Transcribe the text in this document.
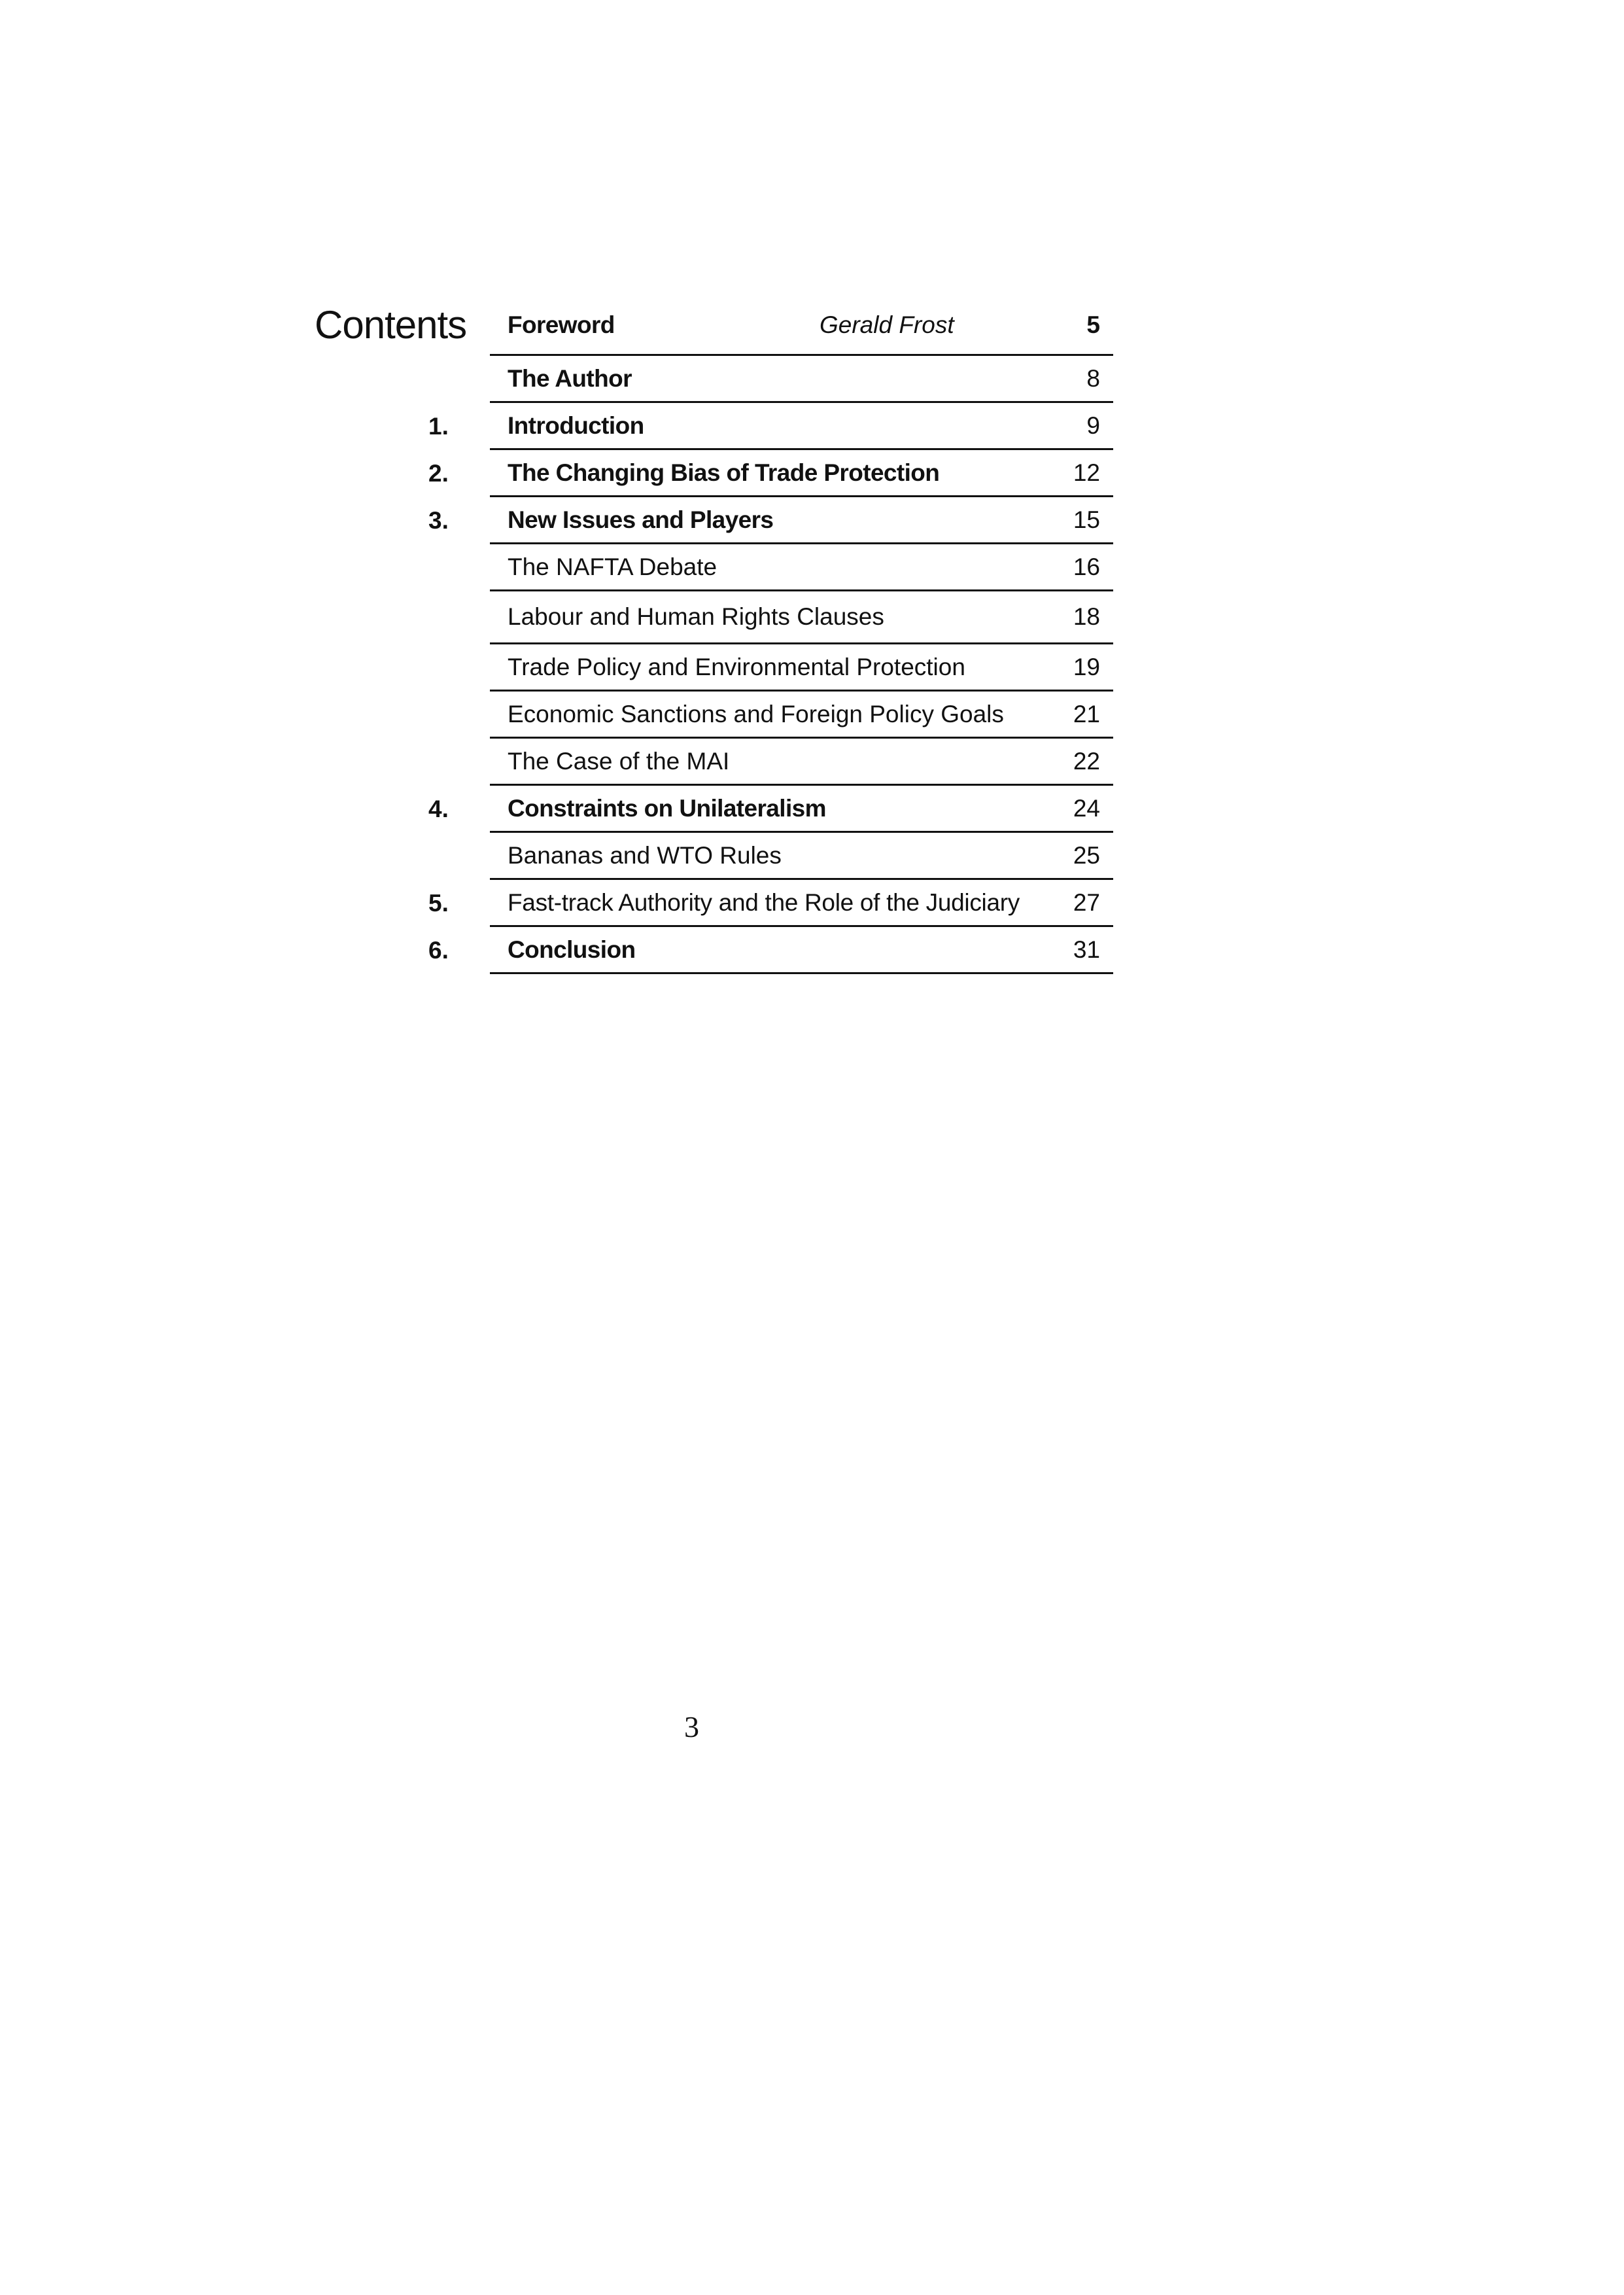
Contents Foreword	Gerald Frost	5
The Author	8
1.	Introduction	9
2.	The Changing Bias of Trade Protection	12
3.	New Issues and Players	15
The NAFTA Debate	16
Labour and Human Rights Clauses	18
Trade Policy and Environmental Protection	19
Economic Sanctions and Foreign Policy Goals	21
The Case of the MAI	22
4.	Constraints on Unilateralism	24
Bananas and WTO Rules	25
5.	Fast-track Authority and the Role of the Judiciary	27
6.	Conclusion	31
3
